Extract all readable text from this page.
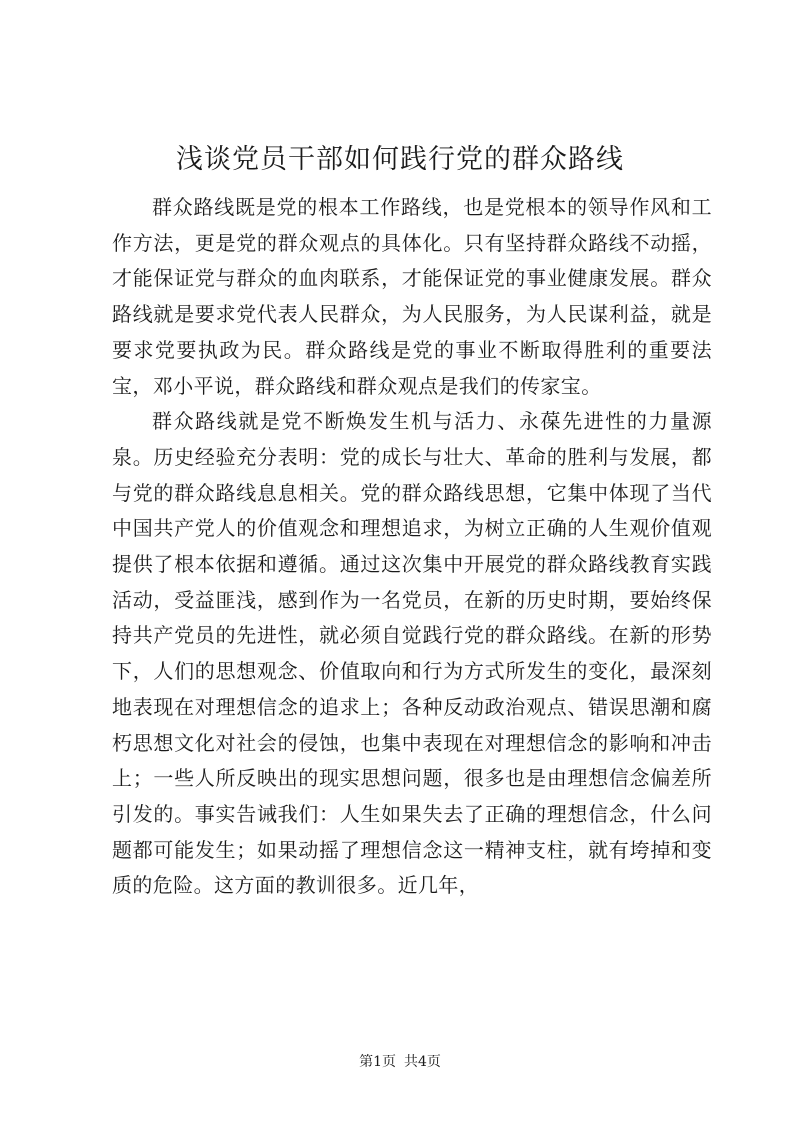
浅谈党员干部如何践行党的群众路线

群众路线既是党的根本工作路线，也是党根本的领导作风和工作方法，更是党的群众观点的具体化。只有坚持群众路线不动摇，才能保证党与群众的血肉联系，才能保证党的事业健康发展。群众路线就是要求党代表人民群众，为人民服务，为人民谋利益，就是要求党要执政为民。群众路线是党的事业不断取得胜利的重要法宝，邓小平说，群众路线和群众观点是我们的传家宝。

群众路线就是党不断焕发生机与活力、永葆先进性的力量源泉。历史经验充分表明：党的成长与壮大、革命的胜利与发展，都与党的群众路线息息相关。党的群众路线思想，它集中体现了当代中国共产党人的价值观念和理想追求，为树立正确的人生观价值观提供了根本依据和遵循。通过这次集中开展党的群众路线教育实践活动，受益匪浅，感到作为一名党员，在新的历史时期，要始终保持共产党员的先进性，就必须自觉践行党的群众路线。在新的形势下，人们的思想观念、价值取向和行为方式所发生的变化，最深刻地表现在对理想信念的追求上；各种反动政治观点、错误思潮和腐朽思想文化对社会的侵蚀，也集中表现在对理想信念的影响和冲击上；一些人所反映出的现实思想问题，很多也是由理想信念偏差所引发的。事实告诫我们：人生如果失去了正确的理想信念，什么问题都可能发生；如果动摇了理想信念这一精神支柱，就有垮掉和变质的危险。这方面的教训很多。近几年，

第1页 共4页
